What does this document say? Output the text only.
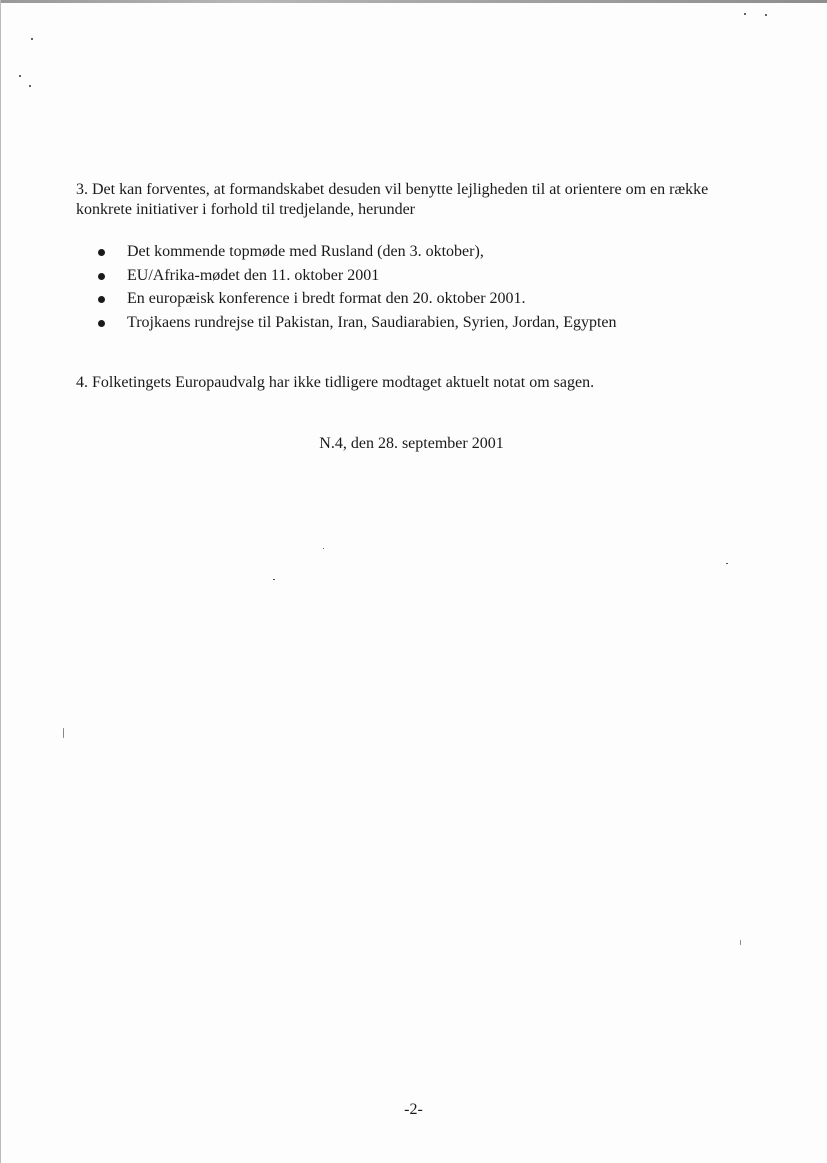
3. Det kan forventes, at formandskabet desuden vil benytte lejligheden til at orientere om en række konkrete initiativer i forhold til tredjelande, herunder

Det kommende topmøde med Rusland (den 3. oktober),
EU/Afrika-mødet den 11. oktober 2001
En europæisk konference i bredt format den 20. oktober 2001.
Trojkaens rundrejse til Pakistan, Iran, Saudiarabien, Syrien, Jordan, Egypten

4. Folketingets Europaudvalg har ikke tidligere modtaget aktuelt notat om sagen.

N.4, den 28. september 2001

-2-
